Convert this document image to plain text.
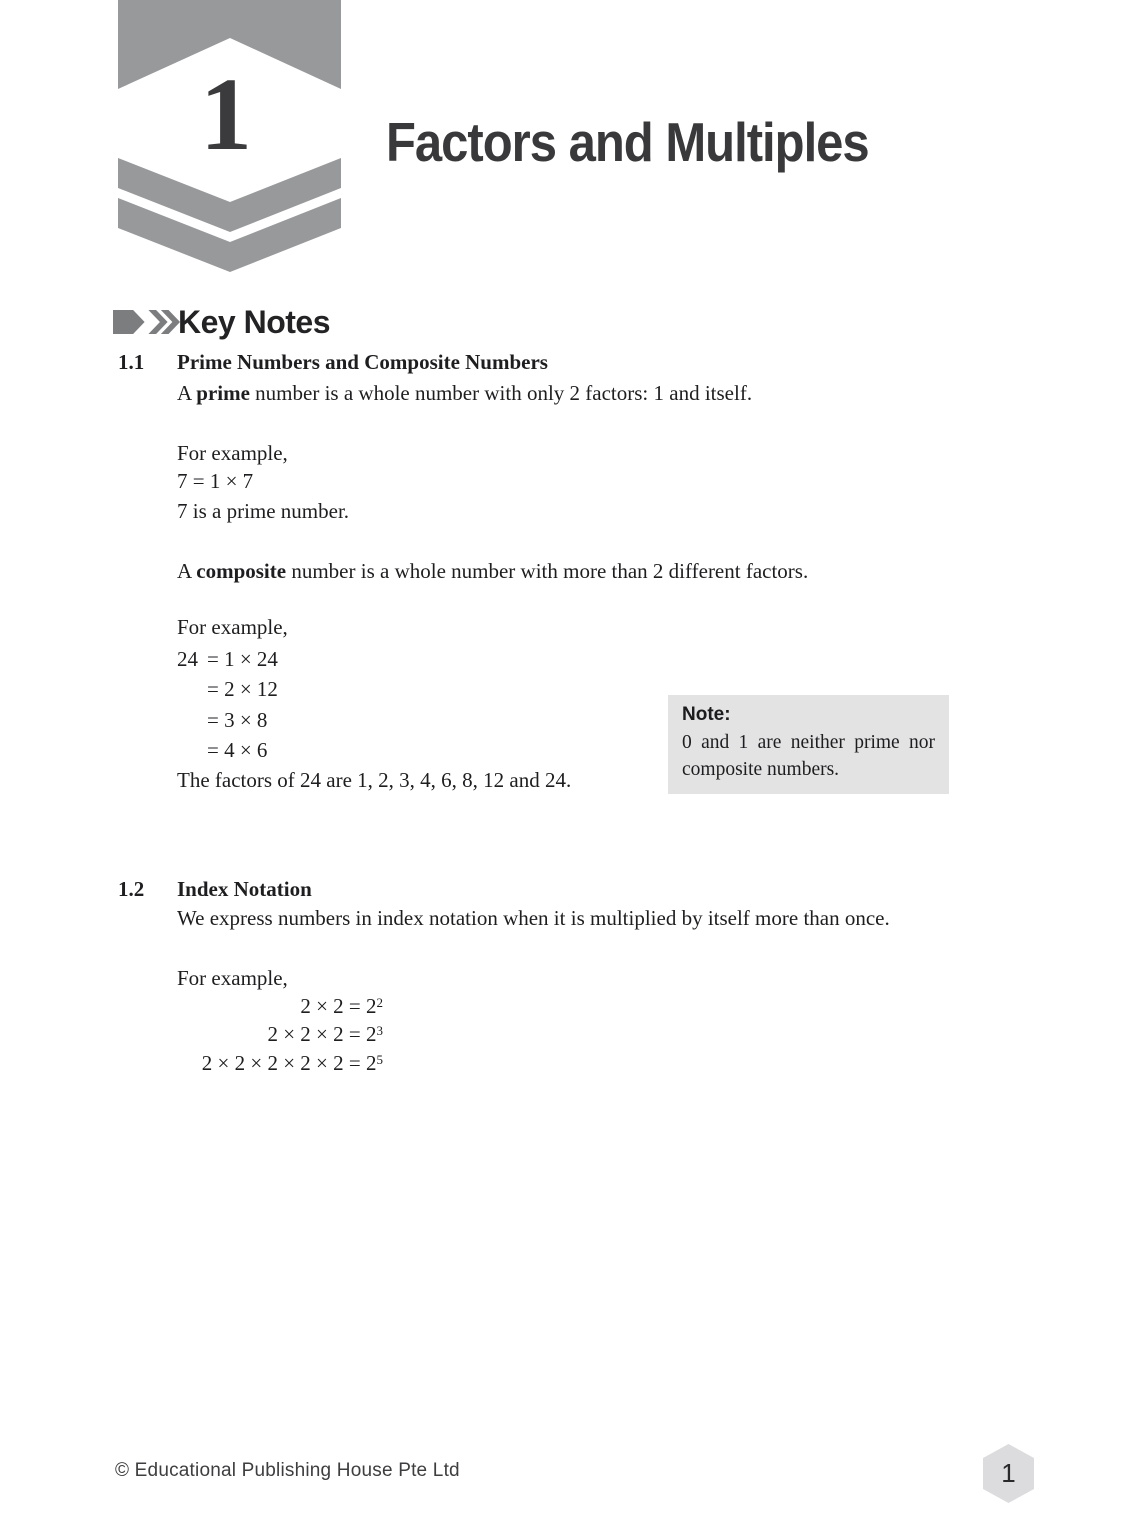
1	Factors and Multiples
Key Notes
1.1 Prime Numbers and Composite Numbers
A prime number is a whole number with only 2 factors: 1 and itself.
For example,
7 = 1 × 7
7 is a prime number.
A composite number is a whole number with more than 2 different factors.
For example,
24 = 1 × 24
= 2 × 12
= 3 × 8
= 4 × 6
The factors of 24 are 1, 2, 3, 4, 6, 8, 12 and 24.
Note:
0 and 1 are neither prime nor composite numbers.
1.2 Index Notation
We express numbers in index notation when it is multiplied by itself more than once.
For example,
$2 \times 2 = 2^2$
$2 \times 2 \times 2 = 2^3$
$2 \times 2 \times 2 \times 2 \times 2 = 2^5$
© Educational Publishing House Pte Ltd	1
